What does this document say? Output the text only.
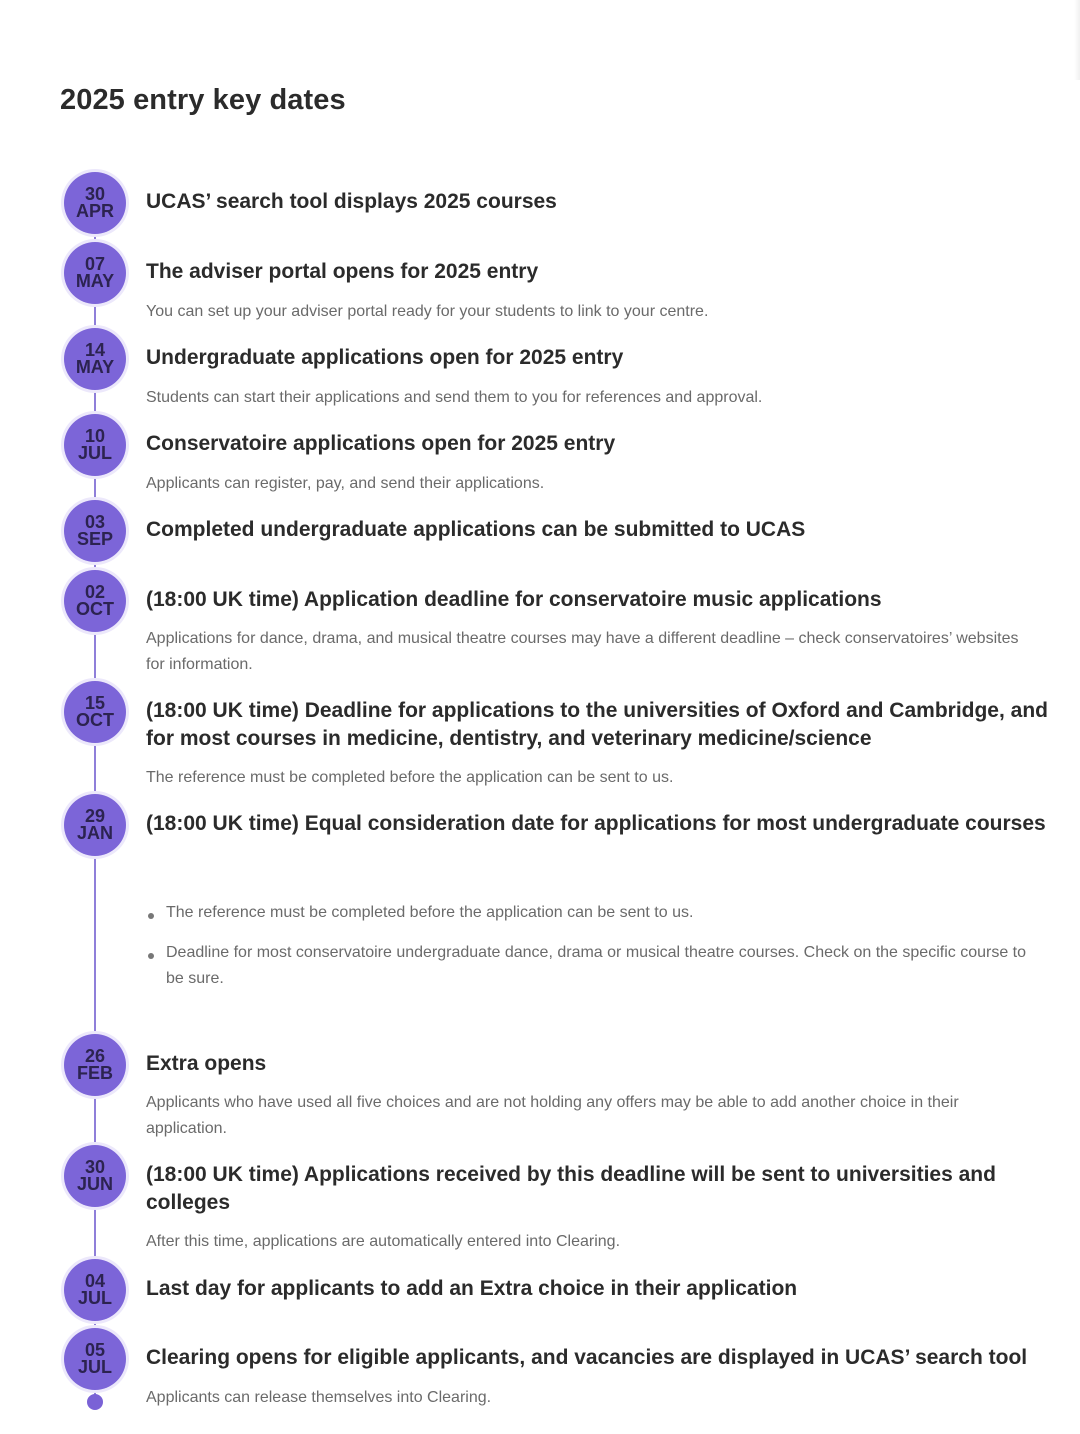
2025 entry key dates
30
APR UCAS’ search tool displays 2025 courses
07
MAY The adviser portal opens for 2025 entry

You can set up your adviser portal ready for your students to link to your centre.

14
MAY Undergraduate applications open for 2025 entry

Students can start their applications and send them to you for references and approval.

10
JUL Conservatoire applications open for 2025 entry

Applicants can register, pay, and send their applications.

03
SEP Completed undergraduate applications can be submitted to UCAS
02
OCT (18:00 UK time) Application deadline for conservatoire music applications

Applications for dance, drama, and musical theatre courses may have a different deadline – check conservatoires’ websites for information.

15
OCT (18:00 UK time) Deadline for applications to the universities of Oxford and Cambridge, and for most courses in medicine, dentistry, and veterinary medicine/science

The reference must be completed before the application can be sent to us.

29
JAN (18:00 UK time) Equal consideration date for applications for most undergraduate courses
The reference must be completed before the application can be sent to us.
Deadline for most conservatoire undergraduate dance, drama or musical theatre courses. Check on the specific course to be sure.
26
FEB Extra opens

Applicants who have used all five choices and are not holding any offers may be able to add another choice in their application.

30
JUN (18:00 UK time) Applications received by this deadline will be sent to universities and colleges

After this time, applications are automatically entered into Clearing.

04
JUL Last day for applicants to add an Extra choice in their application
05
JUL Clearing opens for eligible applicants, and vacancies are displayed in UCAS’ search tool

Applicants can release themselves into Clearing.
